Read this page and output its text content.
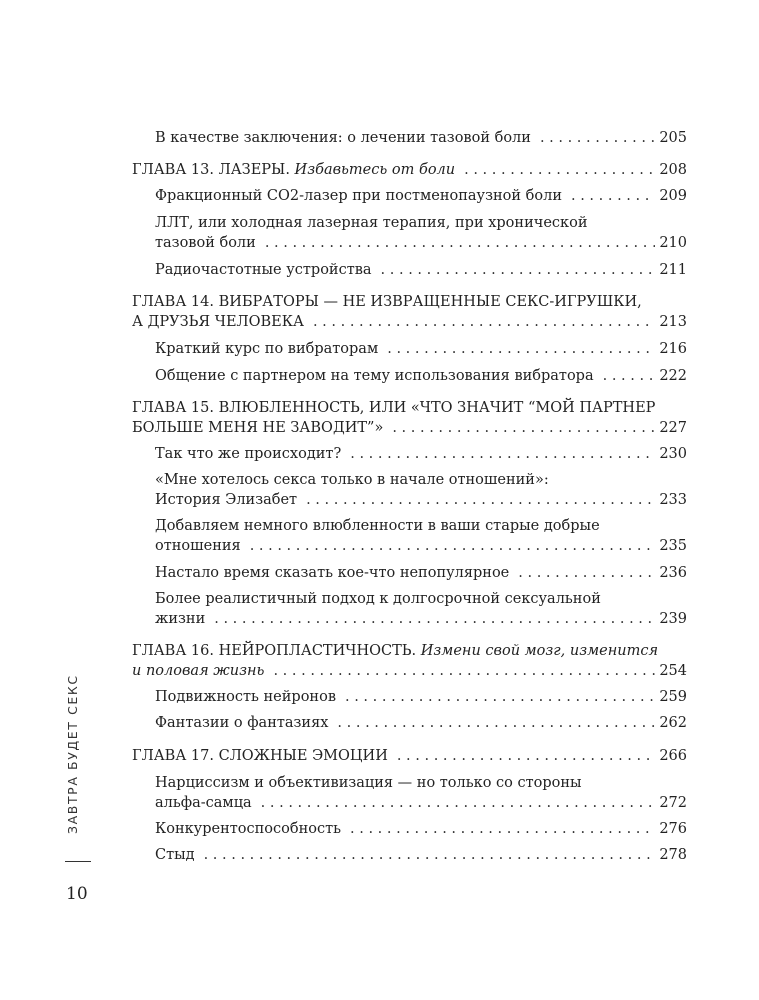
В качестве заключения: о лечении тазовой боли . . .	205
ГЛАВА 13. ЛАЗЕРЫ. Избавьтесь от боли . . .	208
Фракционный CO2-лазер при постменопаузной боли . . .	209
ЛЛТ, или холодная лазерная терапия, при хронической
тазовой боли . . .	210
Радиочастотные устройства . . .	211
ГЛАВА 14. ВИБРАТОРЫ — НЕ ИЗВРАЩЕННЫЕ СЕКС-ИГРУШКИ,
А ДРУЗЬЯ ЧЕЛОВЕКА . . .	213
Краткий курс по вибраторам . . .	216
Общение с партнером на тему использования вибратора . . .	222
ГЛАВА 15. ВЛЮБЛЕННОСТЬ, ИЛИ «ЧТО ЗНАЧИТ “МОЙ ПАРТНЕР
БОЛЬШЕ МЕНЯ НЕ ЗАВОДИТ”» . . .	227
Так что же происходит? . . .	230
«Мне хотелось секса только в начале отношений»:
История Элизабет . . .	233
Добавляем немного влюбленности в ваши старые добрые
отношения . . .	235
Настало время сказать кое-что непопулярное . . .	236
Более реалистичный подход к долгосрочной сексуальной
жизни . . .	239
ГЛАВА 16. НЕЙРОПЛАСТИЧНОСТЬ. Измени свой мозг, изменится
и половая жизнь . . .	254
Подвижность нейронов . . .	259
Фантазии о фантазиях . . .	262
ГЛАВА 17. СЛОЖНЫЕ ЭМОЦИИ . . .	266
Нарциссизм и объективизация — но только со стороны
альфа-самца . . .	272
Конкурентоспособность . . .	276
Стыд . . .	278
ЗАВТРА БУДЕТ СЕКС
10
